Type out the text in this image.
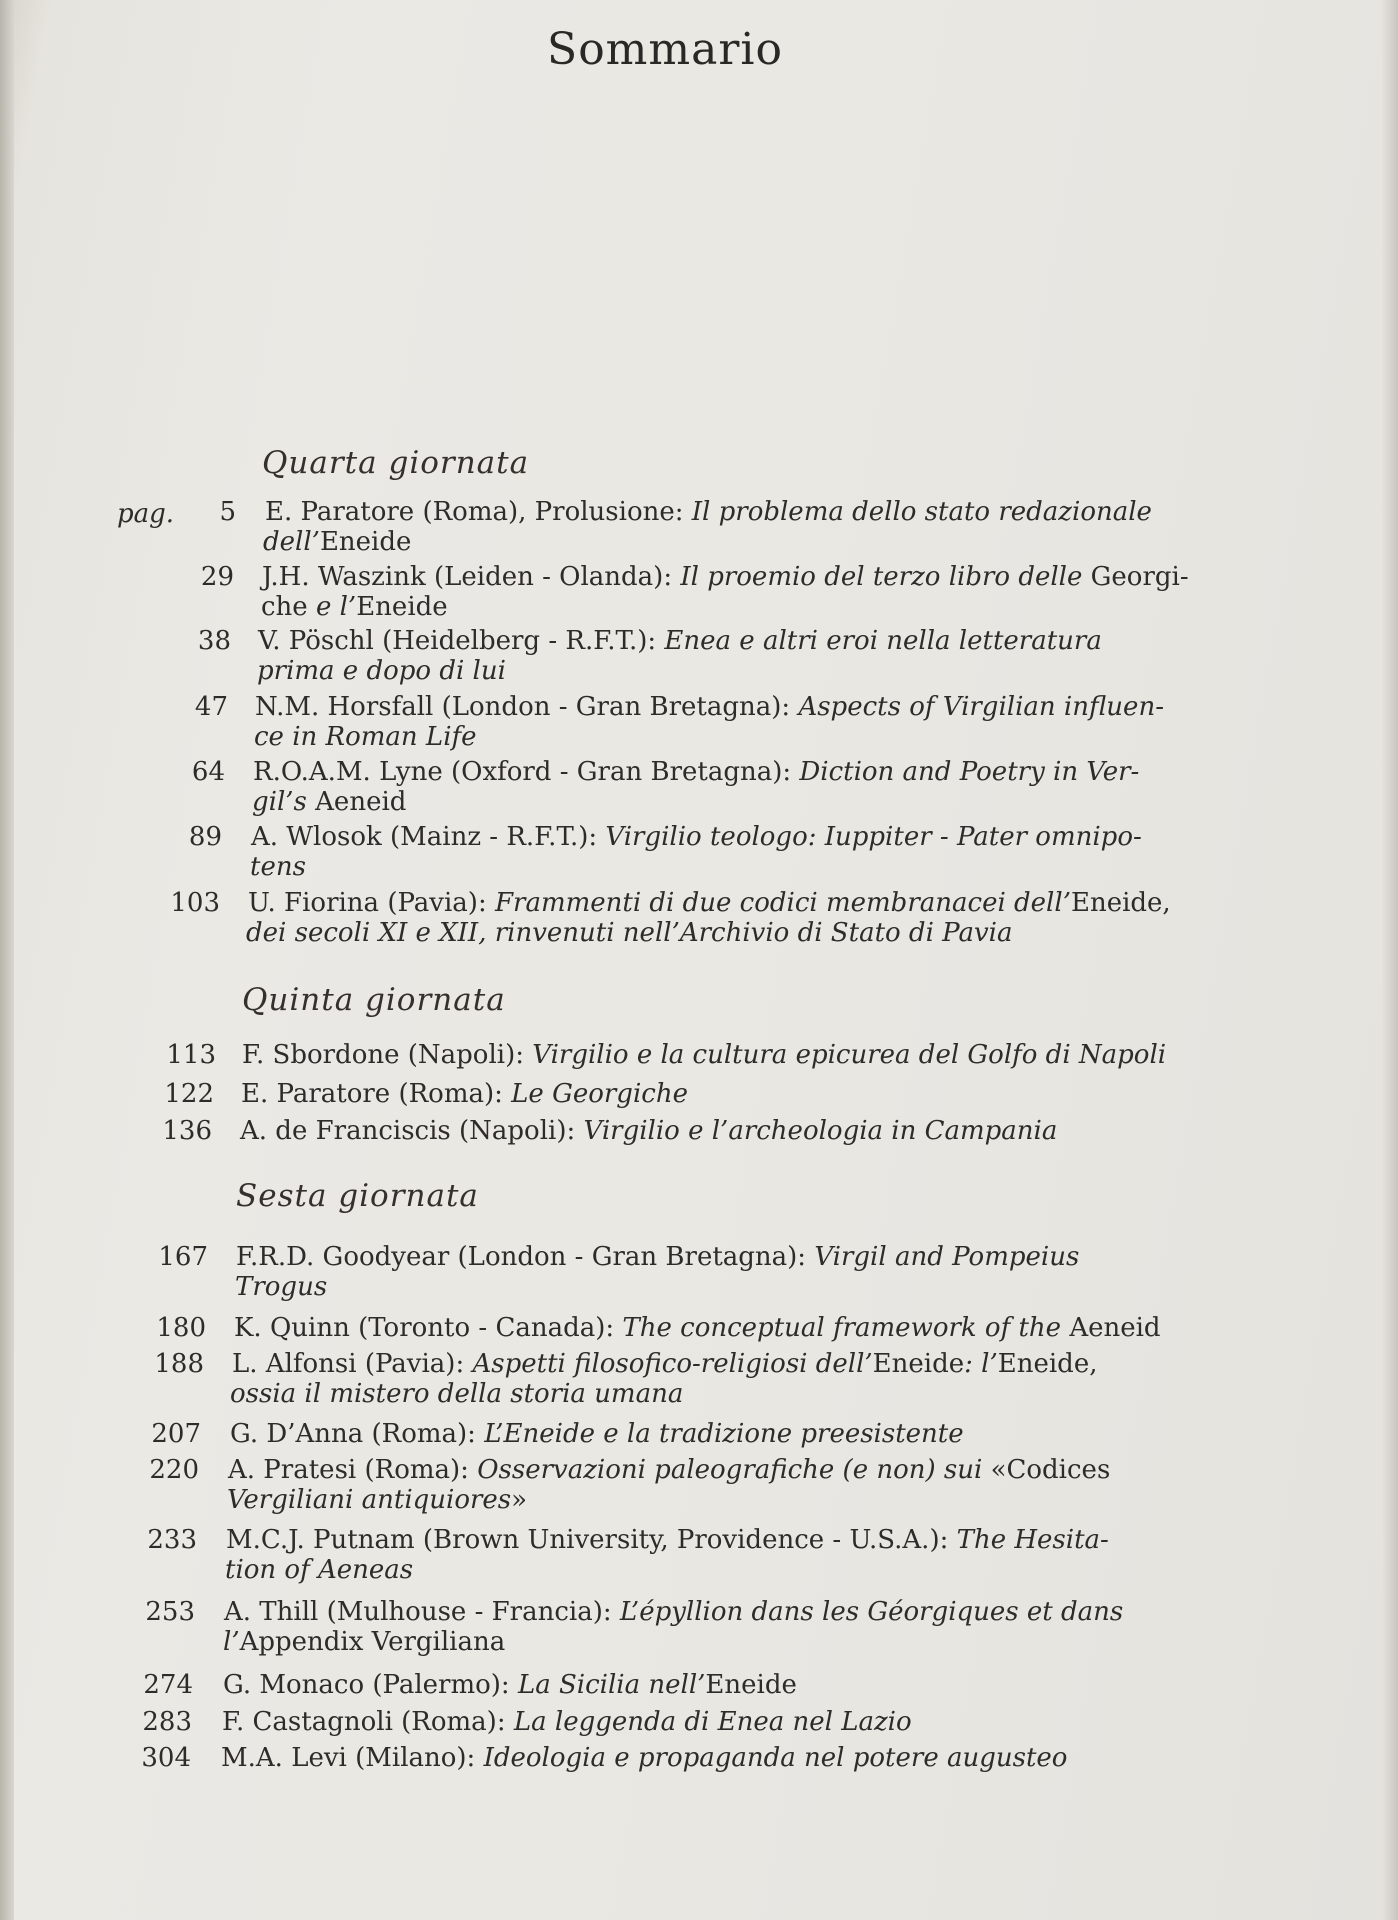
Sommario
Quarta giornata
pag.	5 E. Paratore (Roma), Prolusione: Il problema dello stato redazionale
dell’Eneide
29 J.H. Waszink (Leiden - Olanda): Il proemio del terzo libro delle Georgi-
che e l’Eneide
38 V. Pöschl (Heidelberg - R.F.T.): Enea e altri eroi nella letteratura
prima e dopo di lui
47 N.M. Horsfall (London - Gran Bretagna): Aspects of Virgilian influen-
ce in Roman Life
64 R.O.A.M. Lyne (Oxford - Gran Bretagna): Diction and Poetry in Ver-
gil’s Aeneid
89 A. Wlosok (Mainz - R.F.T.): Virgilio teologo: Iuppiter - Pater omnipo-
tens
103 U. Fiorina (Pavia): Frammenti di due codici membranacei dell’Eneide,
dei secoli XI e XII, rinvenuti nell’Archivio di Stato di Pavia
Quinta giornata
113 F. Sbordone (Napoli): Virgilio e la cultura epicurea del Golfo di Napoli
122 E. Paratore (Roma): Le Georgiche
136 A. de Franciscis (Napoli): Virgilio e l’archeologia in Campania
Sesta giornata
167 F.R.D. Goodyear (London - Gran Bretagna): Virgil and Pompeius
Trogus
180 K. Quinn (Toronto - Canada): The conceptual framework of the Aeneid
188 L. Alfonsi (Pavia): Aspetti filosofico-religiosi dell’Eneide: l’Eneide,
ossia il mistero della storia umana
207 G. D’Anna (Roma): L’Eneide e la tradizione preesistente
220 A. Pratesi (Roma): Osservazioni paleografiche (e non) sui «Codices
Vergiliani antiquiores»
233 M.C.J. Putnam (Brown University, Providence - U.S.A.): The Hesita-
tion of Aeneas
253 A. Thill (Mulhouse - Francia): L’épyllion dans les Géorgiques et dans
l’Appendix Vergiliana
274 G. Monaco (Palermo): La Sicilia nell’Eneide
283 F. Castagnoli (Roma): La leggenda di Enea nel Lazio
304 M.A. Levi (Milano): Ideologia e propaganda nel potere augusteo
